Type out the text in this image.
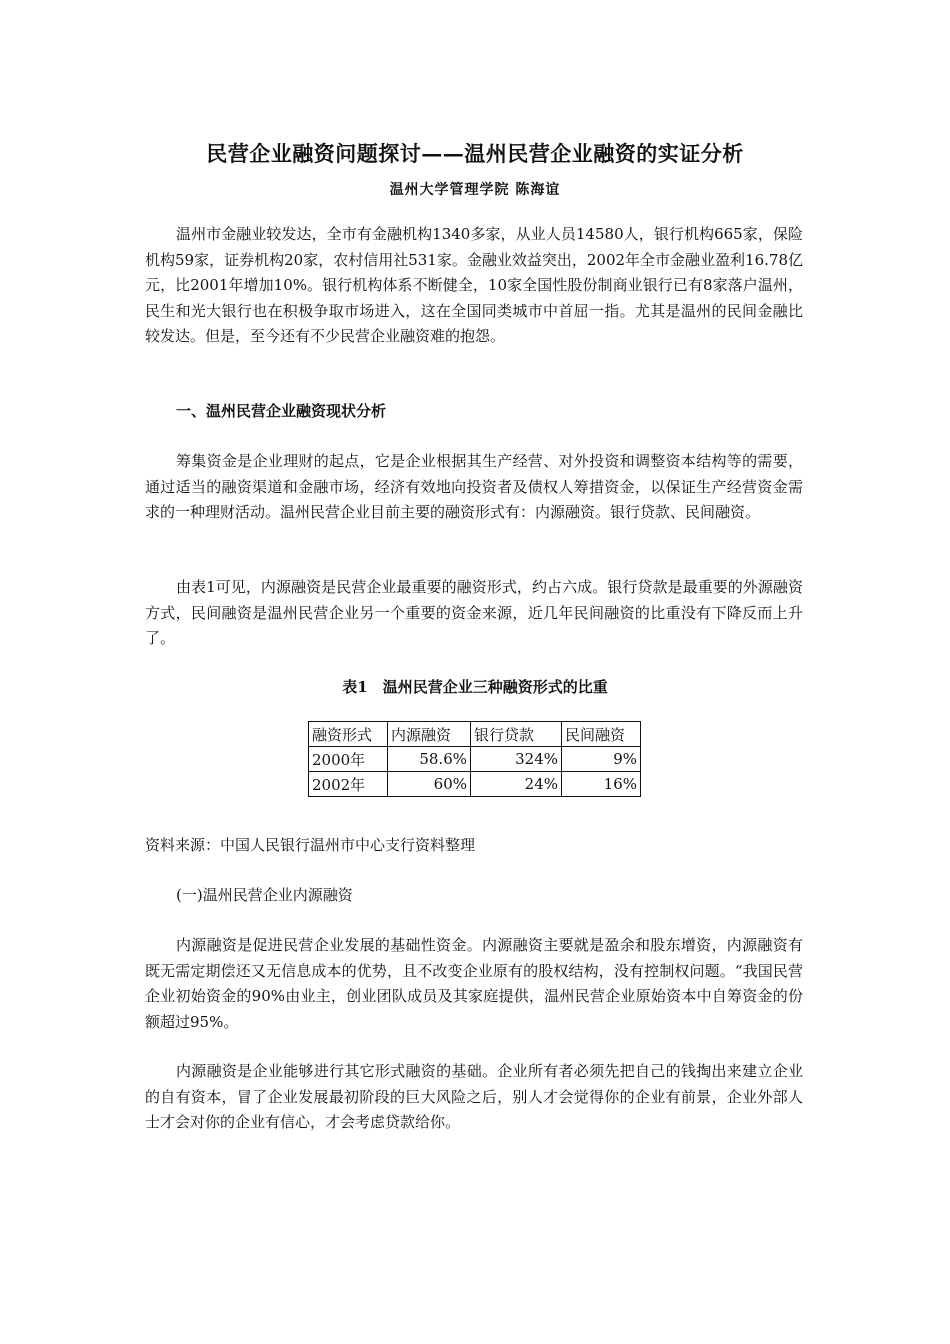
民营企业融资问题探讨——温州民营企业融资的实证分析
温州大学管理学院 陈海谊

温州市金融业较发达，全市有金融机构1340多家，从业人员14580人，银行机构665家，保险机构59家，证券机构20家，农村信用社531家。金融业效益突出，2002年全市金融业盈利16.78亿元，比2001年增加10%。银行机构体系不断健全，10家全国性股份制商业银行已有8家落户温州，民生和光大银行也在积极争取市场进入，这在全国同类城市中首屈一指。尤其是温州的民间金融比较发达。但是，至今还有不少民营企业融资难的抱怨。

一、温州民营企业融资现状分析

筹集资金是企业理财的起点，它是企业根据其生产经营、对外投资和调整资本结构等的需要，通过适当的融资渠道和金融市场，经济有效地向投资者及债权人筹措资金，以保证生产经营资金需求的一种理财活动。温州民营企业目前主要的融资形式有：内源融资。银行贷款、民间融资。

由表1可见，内源融资是民营企业最重要的融资形式，约占六成。银行贷款是最重要的外源融资方式，民间融资是温州民营企业另一个重要的资金来源，近几年民间融资的比重没有下降反而上升了。

表1　温州民营企业三种融资形式的比重
融资形式	内源融资	银行贷款	民间融资
2000年	58.6%	324%	9%
2002年	60%	24%	16%

资料来源：中国人民银行温州市中心支行资料整理

(一)温州民营企业内源融资

内源融资是促进民营企业发展的基础性资金。内源融资主要就是盈余和股东增资，内源融资有既无需定期偿还又无信息成本的优势，且不改变企业原有的股权结构，没有控制权问题。“我国民营企业初始资金的90%由业主，创业团队成员及其家庭提供，温州民营企业原始资本中自筹资金的份额超过95%。

内源融资是企业能够进行其它形式融资的基础。企业所有者必须先把自己的钱掏出来建立企业的自有资本，冒了企业发展最初阶段的巨大风险之后，别人才会觉得你的企业有前景，企业外部人士才会对你的企业有信心，才会考虑贷款给你。
